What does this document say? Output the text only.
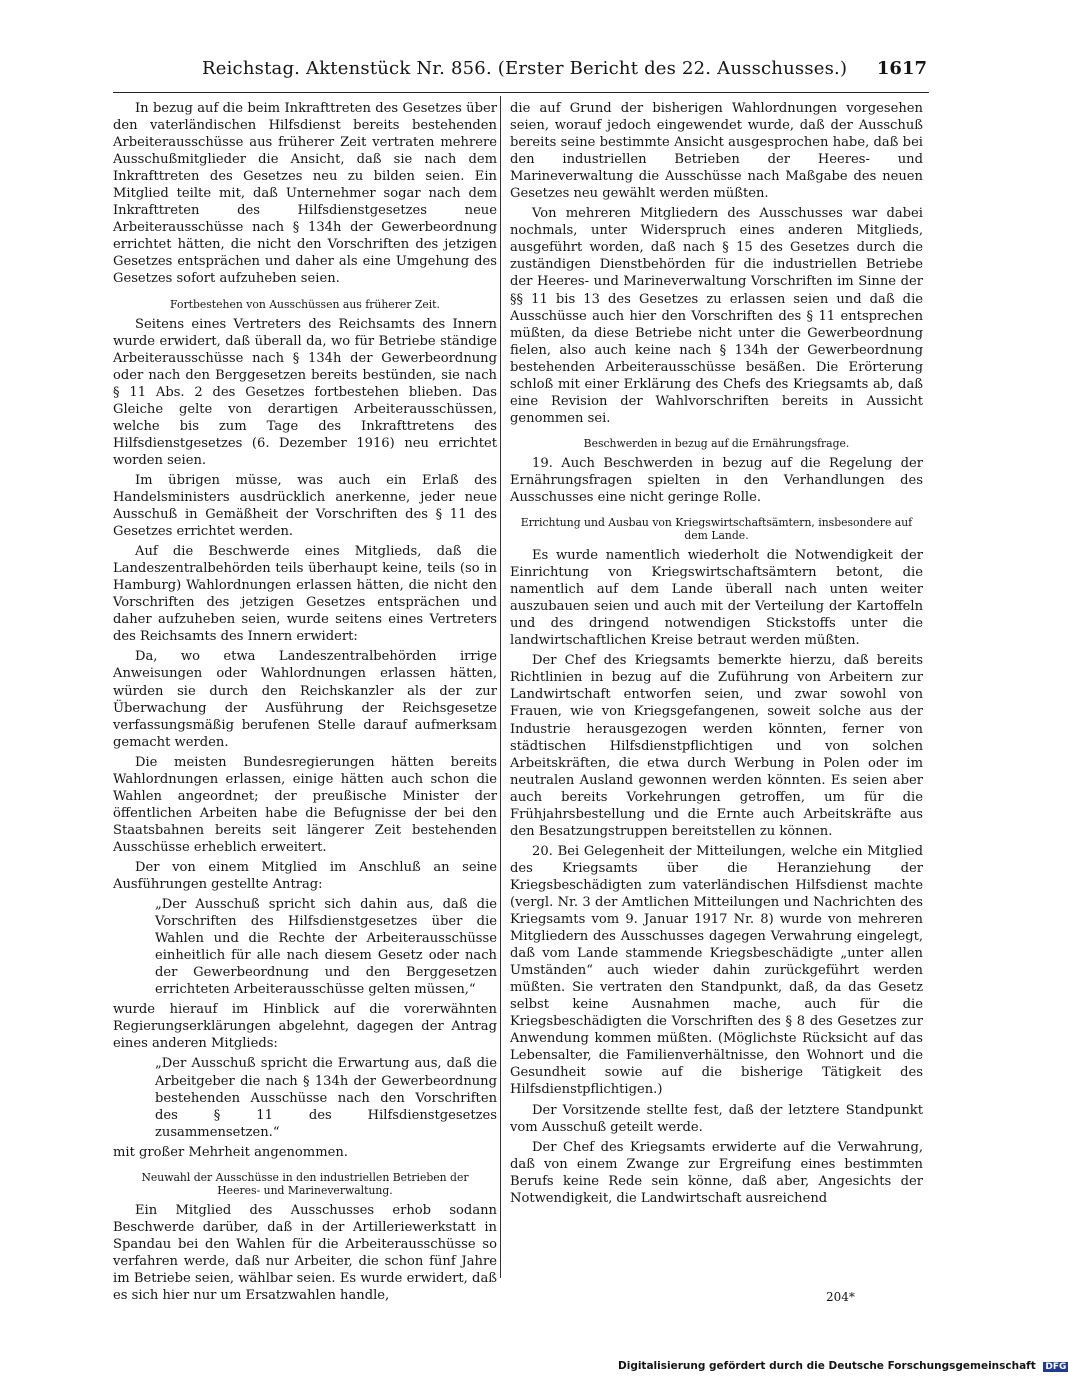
Reichstag. Aktenstück Nr. 856. (Erster Bericht des 22. Ausschusses.) 1617

In bezug auf die beim Inkrafttreten des Gesetzes über den vaterländischen Hilfsdienst bereits bestehenden Arbeiterausschüsse aus früherer Zeit vertraten mehrere Ausschußmitglieder die Ansicht, daß sie nach dem Inkrafttreten des Gesetzes neu zu bilden seien. Ein Mitglied teilte mit, daß Unternehmer sogar nach dem Inkrafttreten des Hilfsdienstgesetzes neue Arbeiterausschüsse nach § 134h der Gewerbeordnung errichtet hätten, die nicht den Vorschriften des jetzigen Gesetzes entsprächen und daher als eine Umgehung des Gesetzes sofort aufzuheben seien.

Fortbestehen von Ausschüssen aus früherer Zeit.

Seitens eines Vertreters des Reichsamts des Innern wurde erwidert, daß überall da, wo für Betriebe ständige Arbeiterausschüsse nach § 134h der Gewerbeordnung oder nach den Berggesetzen bereits bestünden, sie nach § 11 Abs. 2 des Gesetzes fortbestehen blieben. Das Gleiche gelte von derartigen Arbeiterausschüssen, welche bis zum Tage des Inkrafttretens des Hilfsdienstgesetzes (6. Dezember 1916) neu errichtet worden seien.

Im übrigen müsse, was auch ein Erlaß des Handelsministers ausdrücklich anerkenne, jeder neue Ausschuß in Gemäßheit der Vorschriften des § 11 des Gesetzes errichtet werden.

Auf die Beschwerde eines Mitglieds, daß die Landeszentralbehörden teils überhaupt keine, teils (so in Hamburg) Wahlordnungen erlassen hätten, die nicht den Vorschriften des jetzigen Gesetzes entsprächen und daher aufzuheben seien, wurde seitens eines Vertreters des Reichsamts des Innern erwidert:

Da, wo etwa Landeszentralbehörden irrige Anweisungen oder Wahlordnungen erlassen hätten, würden sie durch den Reichskanzler als der zur Überwachung der Ausführung der Reichsgesetze verfassungsmäßig berufenen Stelle darauf aufmerksam gemacht werden.

Die meisten Bundesregierungen hätten bereits Wahlordnungen erlassen, einige hätten auch schon die Wahlen angeordnet; der preußische Minister der öffentlichen Arbeiten habe die Befugnisse der bei den Staatsbahnen bereits seit längerer Zeit bestehenden Ausschüsse erheblich erweitert.

Der von einem Mitglied im Anschluß an seine Ausführungen gestellte Antrag:

„Der Ausschuß spricht sich dahin aus, daß die Vorschriften des Hilfsdienstgesetzes über die Wahlen und die Rechte der Arbeiterausschüsse einheitlich für alle nach diesem Gesetz oder nach der Gewerbeordnung und den Berggesetzen errichteten Arbeiterausschüsse gelten müssen,“

wurde hierauf im Hinblick auf die vorerwähnten Regierungserklärungen abgelehnt, dagegen der Antrag eines anderen Mitglieds:

„Der Ausschuß spricht die Erwartung aus, daß die Arbeitgeber die nach § 134h der Gewerbeordnung bestehenden Ausschüsse nach den Vorschriften des § 11 des Hilfsdienstgesetzes zusammensetzen.“

mit großer Mehrheit angenommen.

Neuwahl der Ausschüsse in den industriellen Betrieben der Heeres- und Marineverwaltung.

Ein Mitglied des Ausschusses erhob sodann Beschwerde darüber, daß in der Artilleriewerkstatt in Spandau bei den Wahlen für die Arbeiterausschüsse so verfahren werde, daß nur Arbeiter, die schon fünf Jahre im Betriebe seien, wählbar seien. Es wurde erwidert, daß es sich hier nur um Ersatzwahlen handle,

die auf Grund der bisherigen Wahlordnungen vorgesehen seien, worauf jedoch eingewendet wurde, daß der Ausschuß bereits seine bestimmte Ansicht ausgesprochen habe, daß bei den industriellen Betrieben der Heeres- und Marineverwaltung die Ausschüsse nach Maßgabe des neuen Gesetzes neu gewählt werden müßten.

Von mehreren Mitgliedern des Ausschusses war dabei nochmals, unter Widerspruch eines anderen Mitglieds, ausgeführt worden, daß nach § 15 des Gesetzes durch die zuständigen Dienstbehörden für die industriellen Betriebe der Heeres- und Marineverwaltung Vorschriften im Sinne der §§ 11 bis 13 des Gesetzes zu erlassen seien und daß die Ausschüsse auch hier den Vorschriften des § 11 entsprechen müßten, da diese Betriebe nicht unter die Gewerbeordnung fielen, also auch keine nach § 134h der Gewerbeordnung bestehenden Arbeiterausschüsse besäßen. Die Erörterung schloß mit einer Erklärung des Chefs des Kriegsamts ab, daß eine Revision der Wahlvorschriften bereits in Aussicht genommen sei.

Beschwerden in bezug auf die Ernährungsfrage.

19. Auch Beschwerden in bezug auf die Regelung der Ernährungsfragen spielten in den Verhandlungen des Ausschusses eine nicht geringe Rolle.

Errichtung und Ausbau von Kriegswirtschaftsämtern, insbesondere auf dem Lande.

Es wurde namentlich wiederholt die Notwendigkeit der Einrichtung von Kriegswirtschaftsämtern betont, die namentlich auf dem Lande überall nach unten weiter auszubauen seien und auch mit der Verteilung der Kartoffeln und des dringend notwendigen Stickstoffs unter die landwirtschaftlichen Kreise betraut werden müßten.

Der Chef des Kriegsamts bemerkte hierzu, daß bereits Richtlinien in bezug auf die Zuführung von Arbeitern zur Landwirtschaft entworfen seien, und zwar sowohl von Frauen, wie von Kriegsgefangenen, soweit solche aus der Industrie herausgezogen werden könnten, ferner von städtischen Hilfsdienstpflichtigen und von solchen Arbeitskräften, die etwa durch Werbung in Polen oder im neutralen Ausland gewonnen werden könnten. Es seien aber auch bereits Vorkehrungen getroffen, um für die Frühjahrsbestellung und die Ernte auch Arbeitskräfte aus den Besatzungstruppen bereitstellen zu können.

20. Bei Gelegenheit der Mitteilungen, welche ein Mitglied des Kriegsamts über die Heranziehung der Kriegsbeschädigten zum vaterländischen Hilfsdienst machte (vergl. Nr. 3 der Amtlichen Mitteilungen und Nachrichten des Kriegsamts vom 9. Januar 1917 Nr. 8) wurde von mehreren Mitgliedern des Ausschusses dagegen Verwahrung eingelegt, daß vom Lande stammende Kriegsbeschädigte „unter allen Umständen“ auch wieder dahin zurückgeführt werden müßten. Sie vertraten den Standpunkt, daß, da das Gesetz selbst keine Ausnahmen mache, auch für die Kriegsbeschädigten die Vorschriften des § 8 des Gesetzes zur Anwendung kommen müßten. (Möglichste Rücksicht auf das Lebensalter, die Familienverhältnisse, den Wohnort und die Gesundheit sowie auf die bisherige Tätigkeit des Hilfsdienstpflichtigen.)

Der Vorsitzende stellte fest, daß der letztere Standpunkt vom Ausschuß geteilt werde.

Der Chef des Kriegsamts erwiderte auf die Verwahrung, daß von einem Zwange zur Ergreifung eines bestimmten Berufs keine Rede sein könne, daß aber, Angesichts der Notwendigkeit, die Landwirtschaft ausreichend

204*
Digitalisierung gefördert durch die Deutsche Forschungsgemeinschaft DFG
